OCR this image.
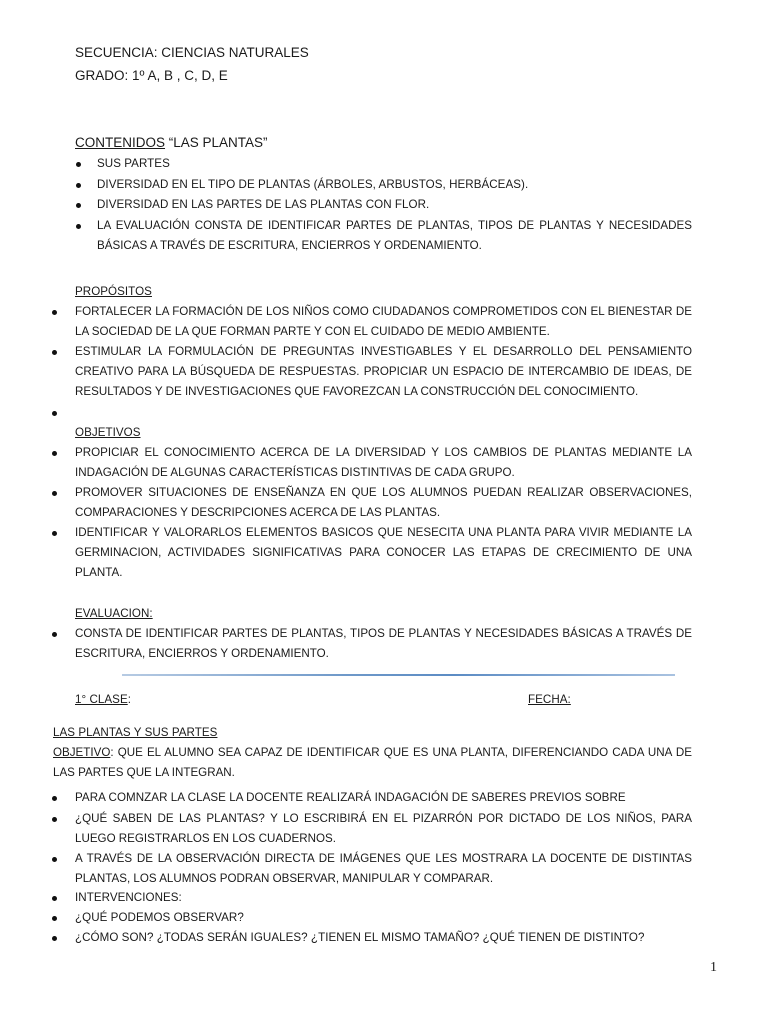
SECUENCIA: CIENCIAS NATURALES
GRADO: 1º A, B , C, D, E
CONTENIDOS “LAS PLANTAS”
SUS PARTES
DIVERSIDAD EN EL TIPO DE PLANTAS (ÁRBOLES, ARBUSTOS, HERBÁCEAS).
DIVERSIDAD EN LAS PARTES DE LAS PLANTAS CON FLOR.
LA EVALUACIÓN CONSTA DE IDENTIFICAR PARTES DE PLANTAS, TIPOS DE PLANTAS Y NECESIDADES BÁSICAS A TRAVÉS DE ESCRITURA, ENCIERROS Y ORDENAMIENTO.
PROPÓSITOS
FORTALECER LA FORMACIÓN DE LOS NIÑOS COMO CIUDADANOS COMPROMETIDOS CON EL BIENESTAR DE LA SOCIEDAD DE LA QUE FORMAN PARTE Y CON EL CUIDADO DE MEDIO AMBIENTE.
ESTIMULAR LA FORMULACIÓN DE PREGUNTAS INVESTIGABLES Y EL DESARROLLO DEL PENSAMIENTO CREATIVO PARA LA BÚSQUEDA DE RESPUESTAS. PROPICIAR UN ESPACIO DE INTERCAMBIO DE IDEAS, DE RESULTADOS Y DE INVESTIGACIONES QUE FAVOREZCAN LA CONSTRUCCIÓN DEL CONOCIMIENTO.
OBJETIVOS
PROPICIAR EL CONOCIMIENTO ACERCA DE LA DIVERSIDAD Y LOS CAMBIOS DE PLANTAS MEDIANTE LA INDAGACIÓN DE ALGUNAS CARACTERÍSTICAS DISTINTIVAS DE CADA GRUPO.
PROMOVER SITUACIONES DE ENSEÑANZA EN QUE LOS ALUMNOS PUEDAN REALIZAR OBSERVACIONES, COMPARACIONES Y DESCRIPCIONES ACERCA DE LAS PLANTAS.
IDENTIFICAR Y VALORARLOS ELEMENTOS BASICOS QUE NESECITA UNA PLANTA PARA VIVIR MEDIANTE LA GERMINACION, ACTIVIDADES SIGNIFICATIVAS PARA CONOCER LAS ETAPAS DE CRECIMIENTO DE UNA PLANTA.
EVALUACION:
CONSTA DE IDENTIFICAR PARTES DE PLANTAS, TIPOS DE PLANTAS Y NECESIDADES BÁSICAS A TRAVÉS DE ESCRITURA, ENCIERROS Y ORDENAMIENTO.
1° CLASE:	FECHA:
LAS PLANTAS Y SUS PARTES
OBJETIVO: QUE EL ALUMNO SEA CAPAZ DE IDENTIFICAR QUE ES UNA PLANTA, DIFERENCIANDO CADA UNA DE LAS PARTES QUE LA INTEGRAN.
PARA COMNZAR LA CLASE LA DOCENTE REALIZARÁ INDAGACIÓN DE SABERES PREVIOS SOBRE
¿QUÉ SABEN DE LAS PLANTAS? Y LO ESCRIBIRÁ EN EL PIZARRÓN POR DICTADO DE LOS NIÑOS, PARA LUEGO REGISTRARLOS EN LOS CUADERNOS.
A TRAVÉS DE LA OBSERVACIÓN DIRECTA DE IMÁGENES QUE LES MOSTRARA LA DOCENTE DE DISTINTAS PLANTAS, LOS ALUMNOS PODRAN OBSERVAR, MANIPULAR Y COMPARAR.
INTERVENCIONES:
¿QUÉ PODEMOS OBSERVAR?
¿CÓMO SON? ¿TODAS SERÁN IGUALES? ¿TIENEN EL MISMO TAMAÑO? ¿QUÉ TIENEN DE DISTINTO?
1
